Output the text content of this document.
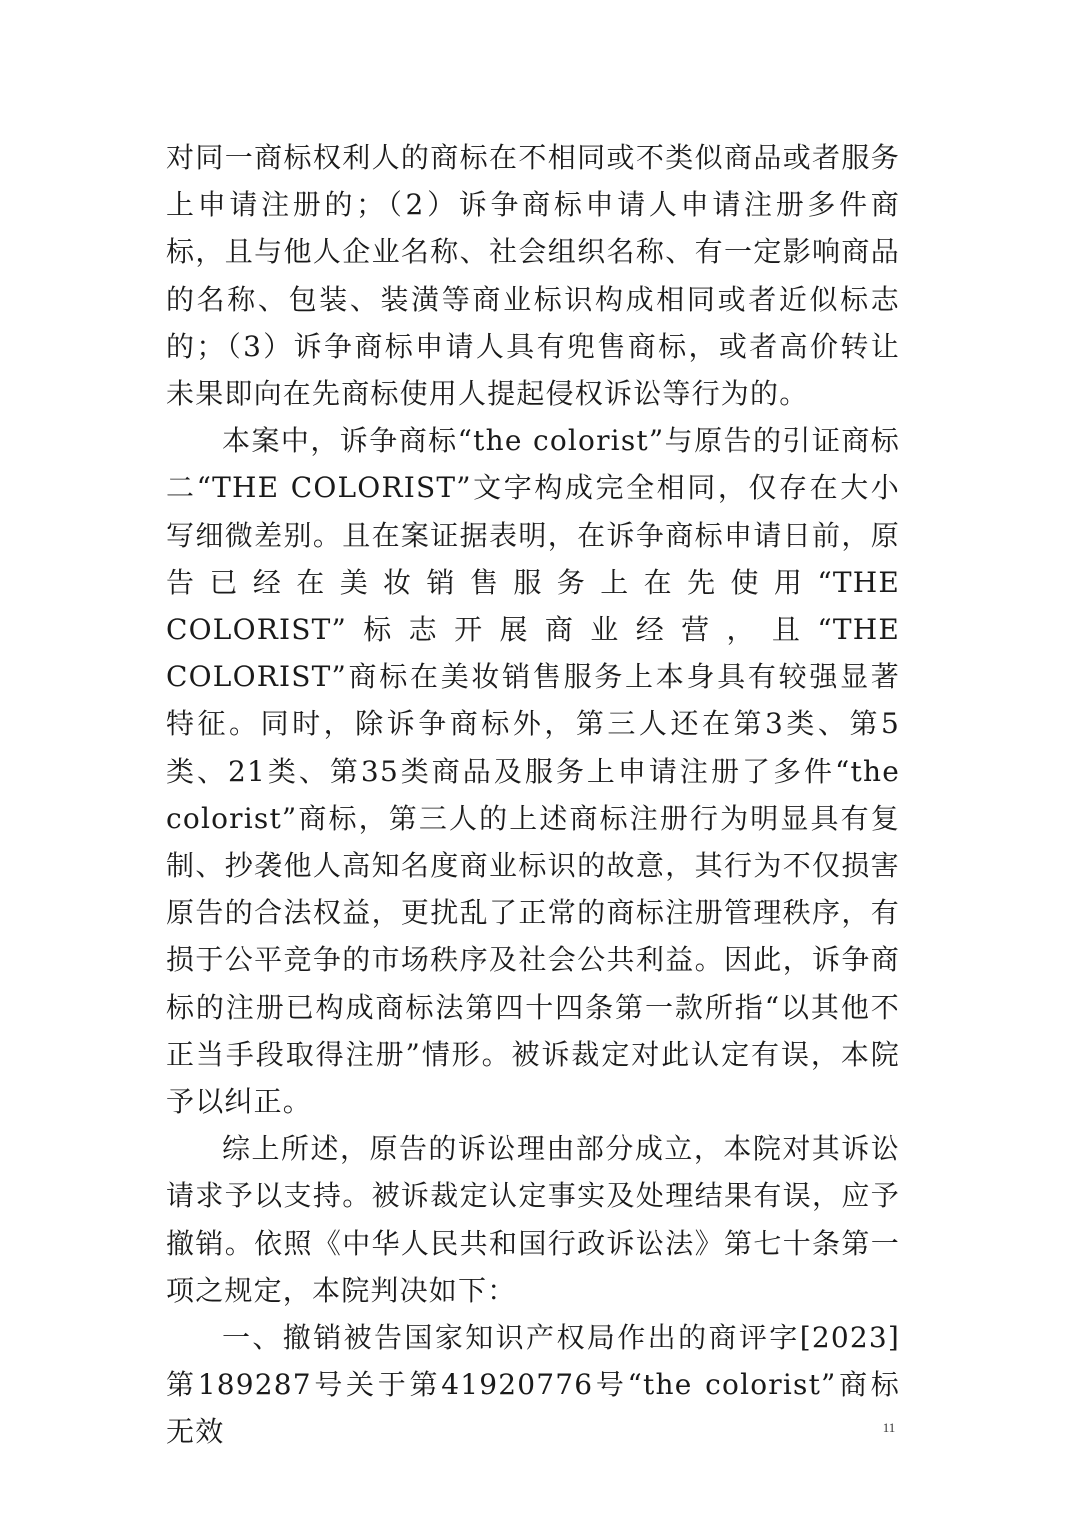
对同一商标权利人的商标在不相同或不类似商品或者服务上申请注册的；（2）诉争商标申请人申请注册多件商标，且与他人企业名称、社会组织名称、有一定影响商品的名称、包装、装潢等商业标识构成相同或者近似标志的；（3）诉争商标申请人具有兜售商标，或者高价转让未果即向在先商标使用人提起侵权诉讼等行为的。

本案中，诉争商标“the colorist”与原告的引证商标二“THE COLORIST”文字构成完全相同，仅存在大小写细微差别。且在案证据表明，在诉争商标申请日前，原告已经在美妆销售服务上在先使用“THE COLORIST”标志开展商业经营，且“THE COLORIST”商标在美妆销售服务上本身具有较强显著特征。同时，除诉争商标外，第三人还在第3类、第5类、21类、第35类商品及服务上申请注册了多件“the colorist”商标，第三人的上述商标注册行为明显具有复制、抄袭他人高知名度商业标识的故意，其行为不仅损害原告的合法权益，更扰乱了正常的商标注册管理秩序，有损于公平竞争的市场秩序及社会公共利益。因此，诉争商标的注册已构成商标法第四十四条第一款所指“以其他不正当手段取得注册”情形。被诉裁定对此认定有误，本院予以纠正。

综上所述，原告的诉讼理由部分成立，本院对其诉讼请求予以支持。被诉裁定认定事实及处理结果有误，应予撤销。依照《中华人民共和国行政诉讼法》第七十条第一项之规定，本院判决如下：

一、撤销被告国家知识产权局作出的商评字[2023]第189287号关于第41920776号“the colorist”商标无效	11
